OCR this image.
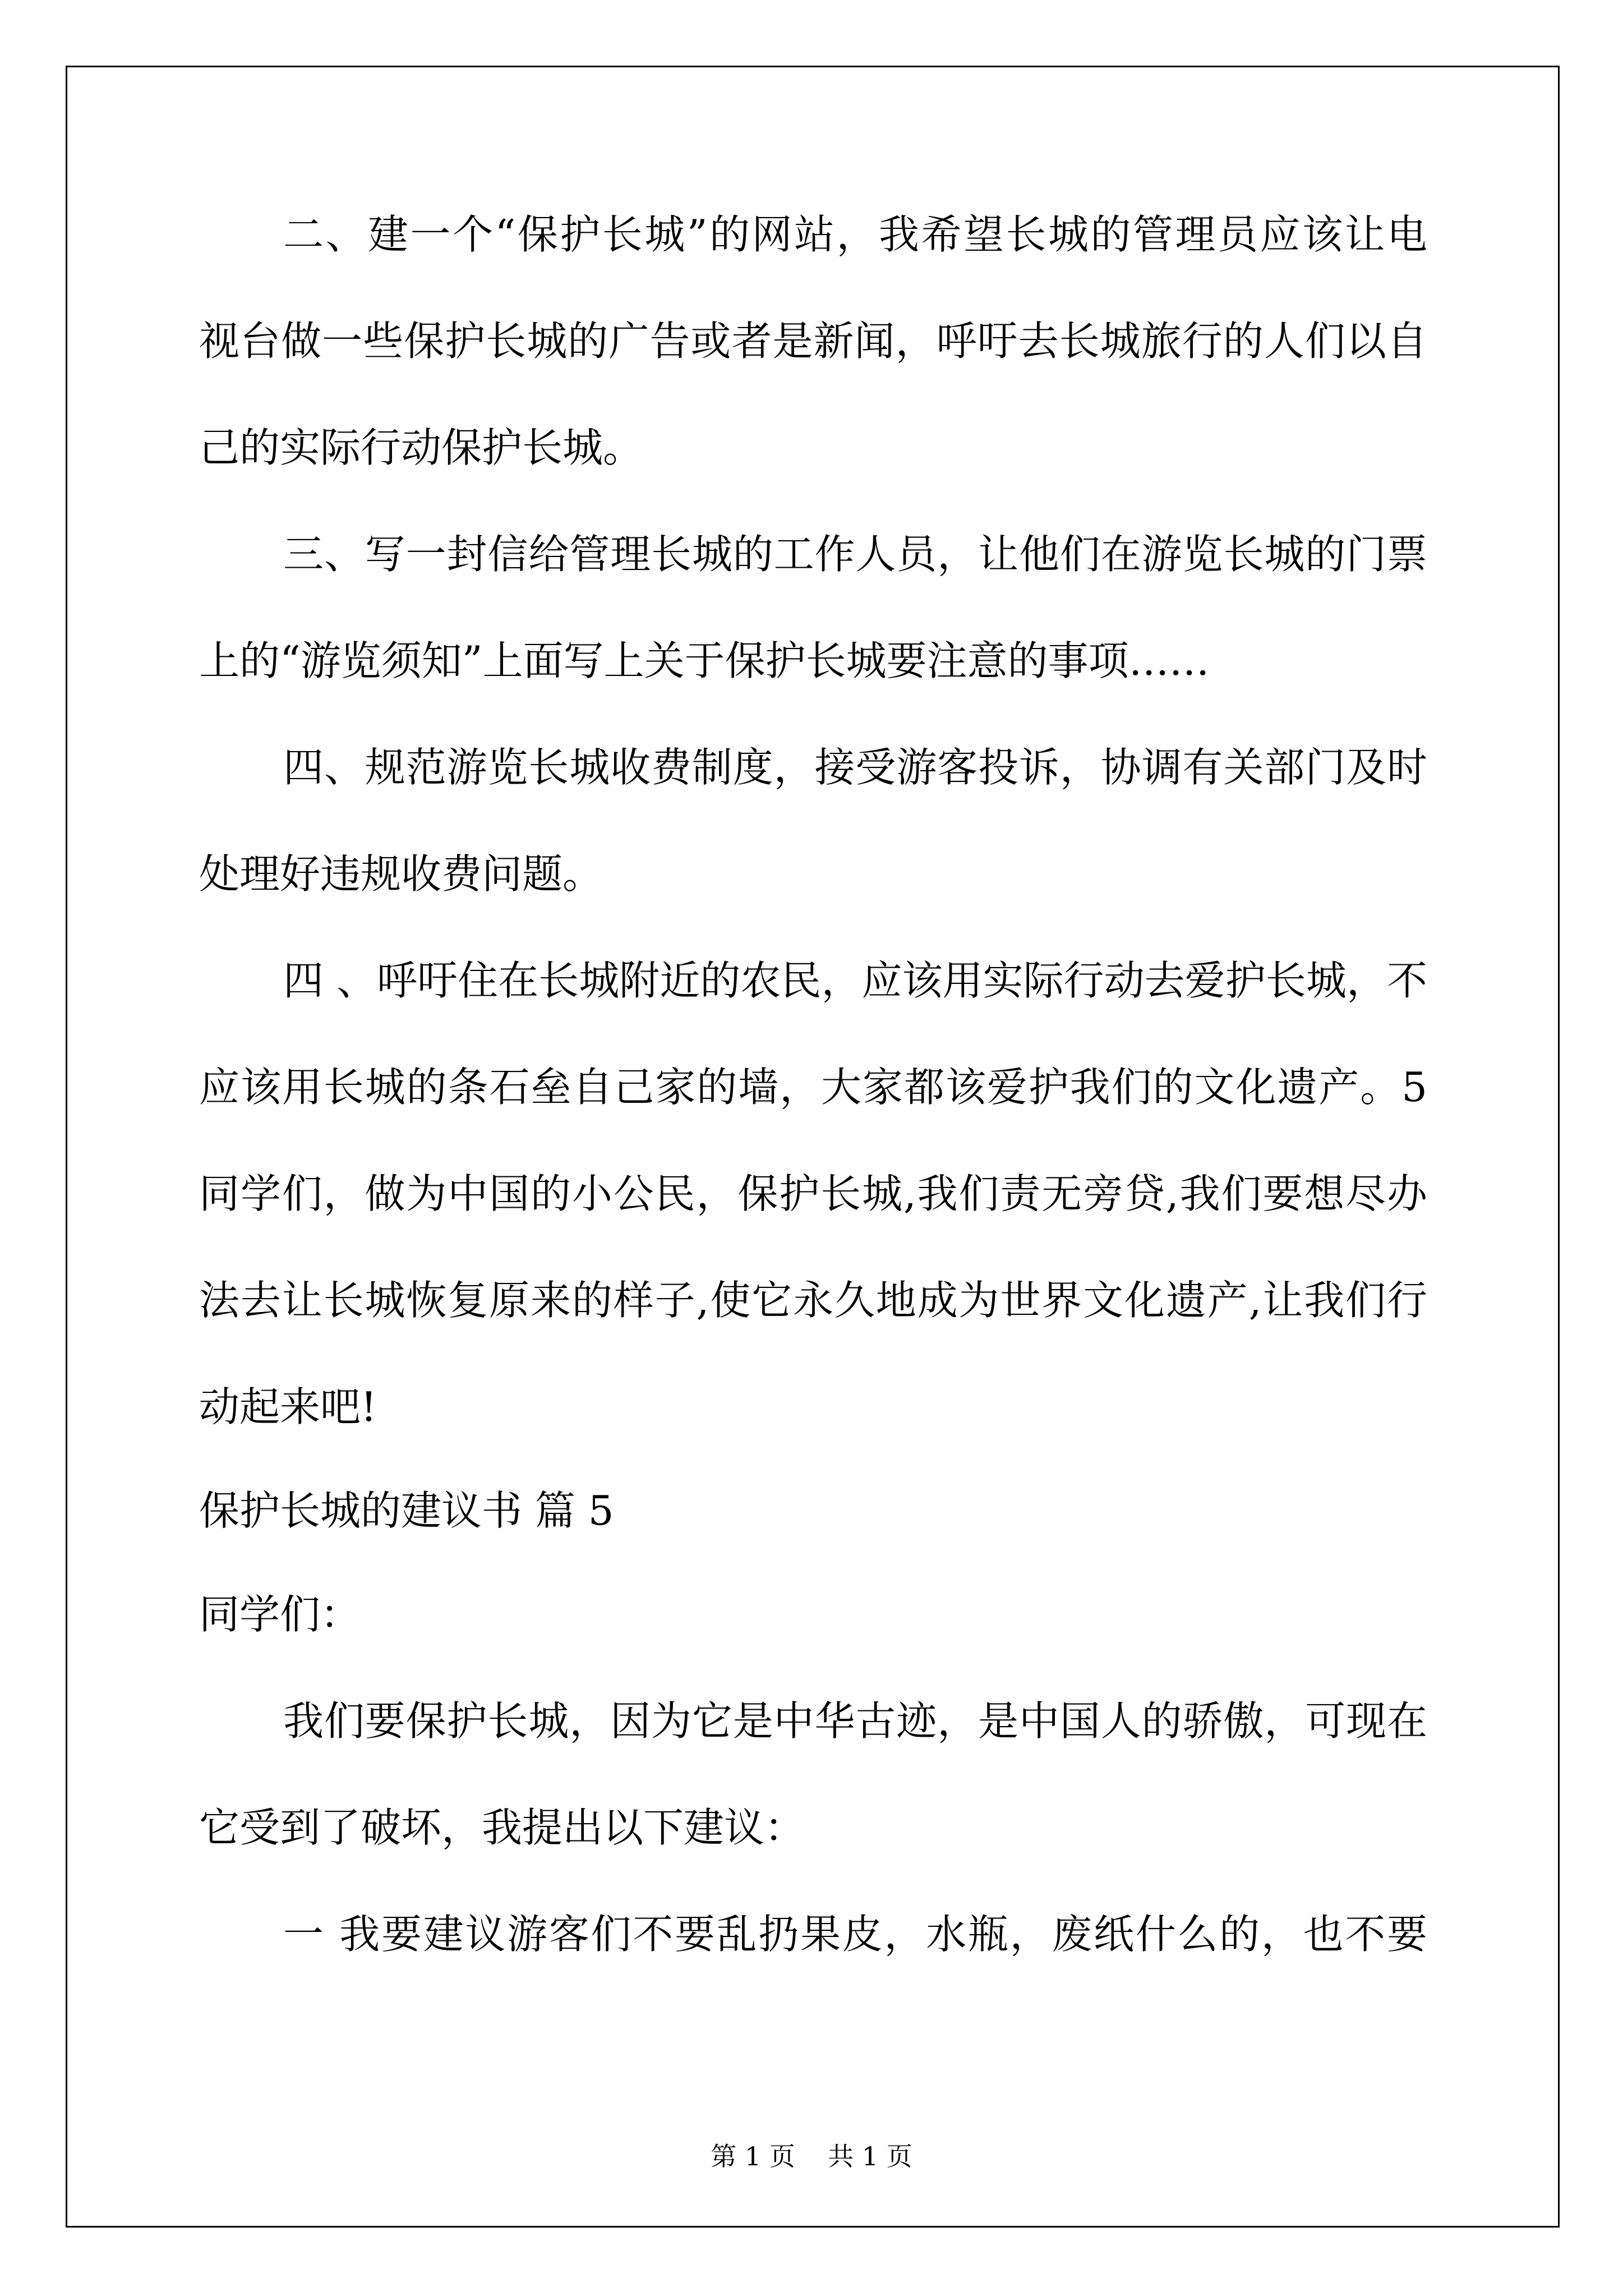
二、建一个“保护长城”的网站，我希望长城的管理员应该让电
视台做一些保护长城的广告或者是新闻，呼吁去长城旅行的人们以自
己的实际行动保护长城。
三、写一封信给管理长城的工作人员，让他们在游览长城的门票
上的“游览须知”上面写上关于保护长城要注意的事项……
四、规范游览长城收费制度，接受游客投诉，协调有关部门及时
处理好违规收费问题。
四 、呼吁住在长城附近的农民，应该用实际行动去爱护长城，不
应该用长城的条石垒自己家的墙，大家都该爱护我们的文化遗产。5
同学们，做为中国的小公民，保护长城,我们责无旁贷,我们要想尽办
法去让长城恢复原来的样子,使它永久地成为世界文化遗产,让我们行
动起来吧!
保护长城的建议书 篇 5
同学们：
我们要保护长城，因为它是中华古迹，是中国人的骄傲，可现在
它受到了破坏，我提出以下建议：
一 我要建议游客们不要乱扔果皮，水瓶，废纸什么的，也不要
第 1 页    共 1 页
